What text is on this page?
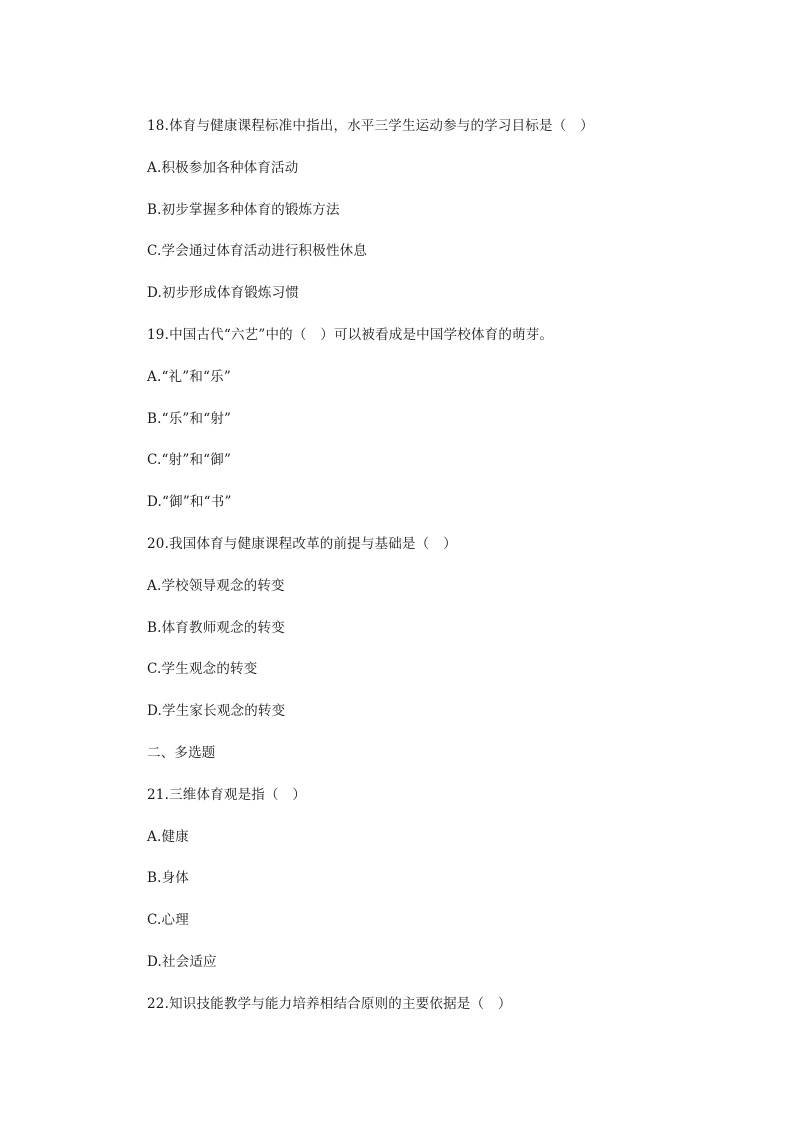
18.体育与健康课程标准中指出，水平三学生运动参与的学习目标是（　）
A.积极参加各种体育活动
B.初步掌握多种体育的锻炼方法
C.学会通过体育活动进行积极性休息
D.初步形成体育锻炼习惯
19.中国古代“六艺”中的（　）可以被看成是中国学校体育的萌芽。
A.“礼”和“乐”
B.“乐”和“射”
C.“射”和“御”
D.“御”和“书”
20.我国体育与健康课程改革的前提与基础是（　）
A.学校领导观念的转变
B.体育教师观念的转变
C.学生观念的转变
D.学生家长观念的转变
二、多选题
21.三维体育观是指（　）
A.健康
B.身体
C.心理
D.社会适应
22.知识技能教学与能力培养相结合原则的主要依据是（　）
